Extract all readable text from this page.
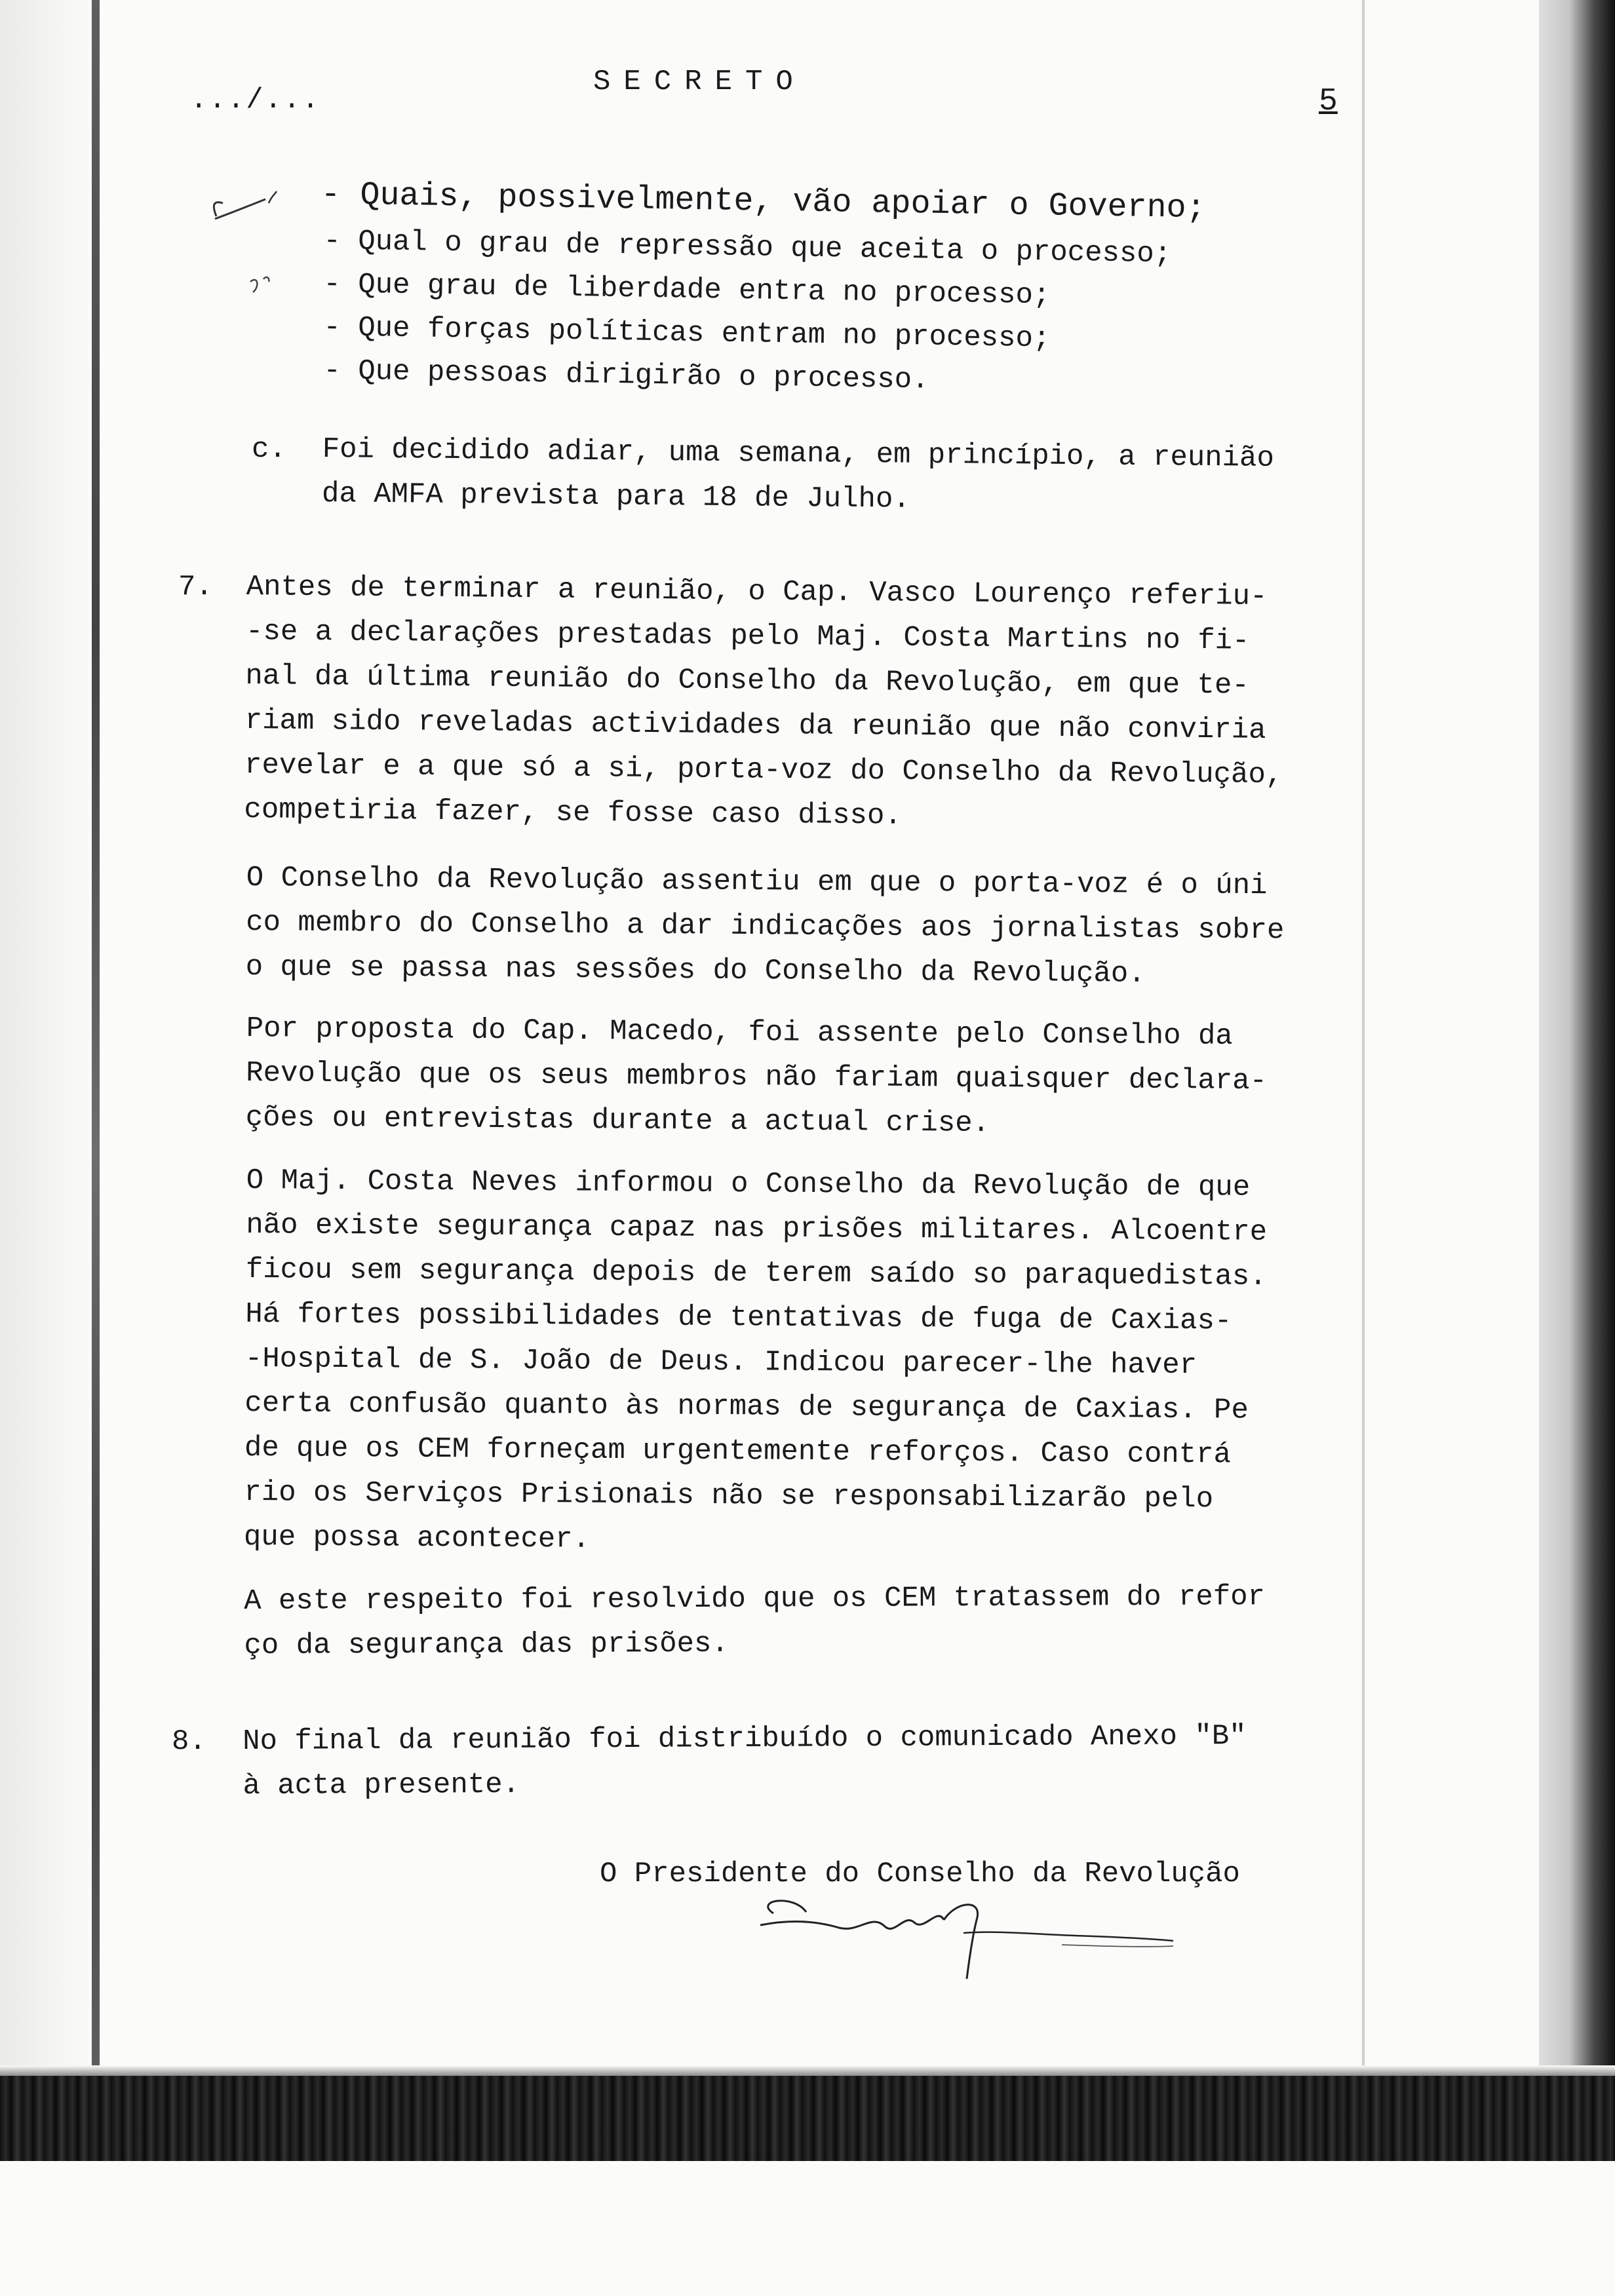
SECRETO
.../...	5
- Quais, possivelmente, vão apoiar o Governo;
- Qual o grau de repressão que aceita o processo;
- Que grau de liberdade entra no processo;
- Que forças políticas entram no processo;
- Que pessoas dirigirão o processo.
c. Foi decidido adiar, uma semana, em princípio, a reunião
da AMFA prevista para 18 de Julho.
7. Antes de terminar a reunião, o Cap. Vasco Lourenço referiu-
-se a declarações prestadas pelo Maj. Costa Martins no fi-
nal da última reunião do Conselho da Revolução, em que te-
riam sido reveladas actividades da reunião que não conviria
revelar e a que só a si, porta-voz do Conselho da Revolução,
competiria fazer, se fosse caso disso.
O Conselho da Revolução assentiu em que o porta-voz é o úni
co membro do Conselho a dar indicações aos jornalistas sobre
o que se passa nas sessões do Conselho da Revolução.
Por proposta do Cap. Macedo, foi assente pelo Conselho da
Revolução que os seus membros não fariam quaisquer declara-
ções ou entrevistas durante a actual crise.
O Maj. Costa Neves informou o Conselho da Revolução de que
não existe segurança capaz nas prisões militares. Alcoentre
ficou sem segurança depois de terem saído so paraquedistas.
Há fortes possibilidades de tentativas de fuga de Caxias-
-Hospital de S. João de Deus. Indicou parecer-lhe haver
certa confusão quanto às normas de segurança de Caxias. Pe
de que os CEM forneçam urgentemente reforços. Caso contrá
rio os Serviços Prisionais não se responsabilizarão pelo
que possa acontecer.
A este respeito foi resolvido que os CEM tratassem do refor
ço da segurança das prisões.
8. No final da reunião foi distribuído o comunicado Anexo "B"
à acta presente.
O Presidente do Conselho da Revolução
